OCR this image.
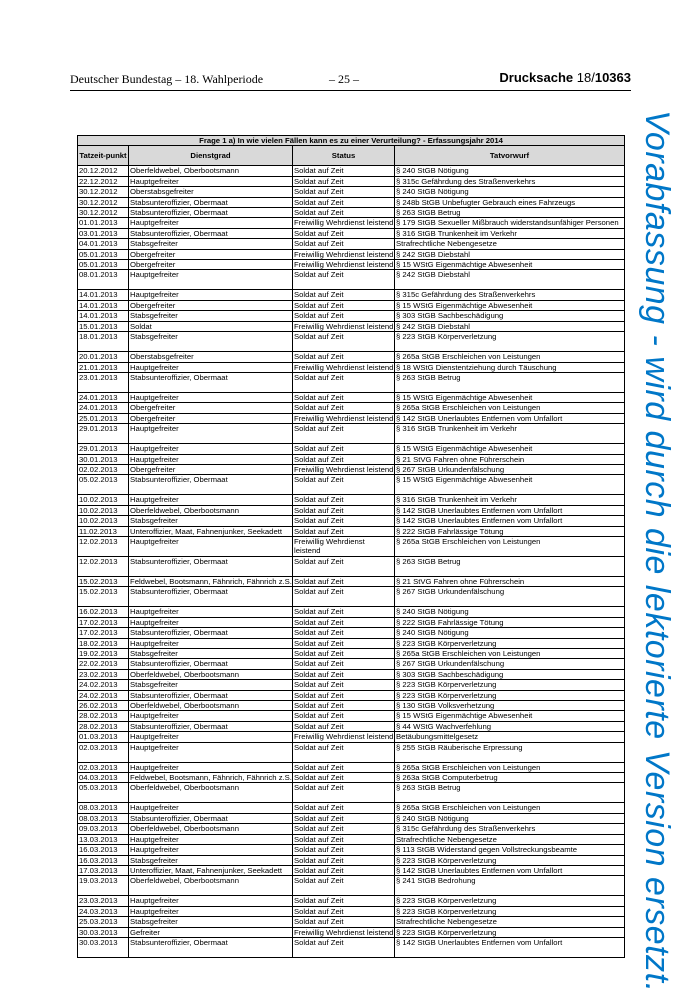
Deutscher Bundestag – 18. Wahlperiode	– 25 –	Drucksache 18/10363
Vorabfassung - wird durch die lektorierte Version ersetzt.
Frage 1 a) In wie vielen Fällen kann es zu einer Verurteilung? - Erfassungsjahr 2014			
Tatzeit-punkt	Dienstgrad	Status	Tatvorwurf
20.12.2012	Oberfeldwebel, Oberbootsmann	Soldat auf Zeit	§ 240 StGB Nötigung
22.12.2012	Hauptgefreiter	Soldat auf Zeit	§ 315c Gefährdung des Straßenverkehrs
30.12.2012	Oberstabsgefreiter	Soldat auf Zeit	§ 240 StGB Nötigung
30.12.2012	Stabsunteroffizier, Obermaat	Soldat auf Zeit	§ 248b StGB Unbefugter Gebrauch eines Fahrzeugs
30.12.2012	Stabsunteroffizier, Obermaat	Soldat auf Zeit	§ 263 StGB Betrug
01.01.2013	Hauptgefreiter	Freiwillig Wehrdienst leistend	§ 179 StGB Sexueller Mißbrauch widerstandsunfähiger Personen
03.01.2013	Stabsunteroffizier, Obermaat	Soldat auf Zeit	§ 316 StGB Trunkenheit im Verkehr
04.01.2013	Stabsgefreiter	Soldat auf Zeit	Strafrechtliche Nebengesetze
05.01.2013	Obergefreiter	Freiwillig Wehrdienst leistend	§ 242 StGB Diebstahl
05.01.2013	Obergefreiter	Freiwillig Wehrdienst leistend	§ 15 WStG Eigenmächtige Abwesenheit
08.01.2013	Hauptgefreiter	Soldat auf Zeit	§ 242 StGB Diebstahl
14.01.2013	Hauptgefreiter	Soldat auf Zeit	§ 315c Gefährdung des Straßenverkehrs
14.01.2013	Obergefreiter	Soldat auf Zeit	§ 15 WStG Eigenmächtige Abwesenheit
14.01.2013	Stabsgefreiter	Soldat auf Zeit	§ 303 StGB Sachbeschädigung
15.01.2013	Soldat	Freiwillig Wehrdienst leistend	§ 242 StGB Diebstahl
18.01.2013	Stabsgefreiter	Soldat auf Zeit	§ 223 StGB Körperverletzung
20.01.2013	Oberstabsgefreiter	Soldat auf Zeit	§ 265a StGB Erschleichen von Leistungen
21.01.2013	Hauptgefreiter	Freiwillig Wehrdienst leistend	§ 18 WStG Dienstentziehung durch Täuschung
23.01.2013	Stabsunteroffizier, Obermaat	Soldat auf Zeit	§ 263 StGB Betrug
24.01.2013	Hauptgefreiter	Soldat auf Zeit	§ 15 WStG Eigenmächtige Abwesenheit
24.01.2013	Obergefreiter	Soldat auf Zeit	§ 265a StGB Erschleichen von Leistungen
25.01.2013	Obergefreiter	Freiwillig Wehrdienst leistend	§ 142 StGB Unerlaubtes Entfernen vom Unfallort
29.01.2013	Hauptgefreiter	Soldat auf Zeit	§ 316 StGB Trunkenheit im Verkehr
29.01.2013	Hauptgefreiter	Soldat auf Zeit	§ 15 WStG Eigenmächtige Abwesenheit
30.01.2013	Hauptgefreiter	Soldat auf Zeit	§ 21 StVG Fahren ohne Führerschein
02.02.2013	Obergefreiter	Freiwillig Wehrdienst leistend	§ 267 StGB Urkundenfälschung
05.02.2013	Stabsunteroffizier, Obermaat	Soldat auf Zeit	§ 15 WStG Eigenmächtige Abwesenheit
10.02.2013	Hauptgefreiter	Soldat auf Zeit	§ 316 StGB Trunkenheit im Verkehr
10.02.2013	Oberfeldwebel, Oberbootsmann	Soldat auf Zeit	§ 142 StGB Unerlaubtes Entfernen vom Unfallort
10.02.2013	Stabsgefreiter	Soldat auf Zeit	§ 142 StGB Unerlaubtes Entfernen vom Unfallort
11.02.2013	Unteroffizier, Maat, Fahnenjunker, Seekadett	Soldat auf Zeit	§ 222 StGB Fahrlässige Tötung
12.02.2013	Hauptgefreiter	Freiwillig Wehrdienst leistend	§ 265a StGB Erschleichen von Leistungen
12.02.2013	Stabsunteroffizier, Obermaat	Soldat auf Zeit	§ 263 StGB Betrug
15.02.2013	Feldwebel, Bootsmann, Fähnrich, Fähnrich z.S.	Soldat auf Zeit	§ 21 StVG Fahren ohne Führerschein
15.02.2013	Stabsunteroffizier, Obermaat	Soldat auf Zeit	§ 267 StGB Urkundenfälschung
16.02.2013	Hauptgefreiter	Soldat auf Zeit	§ 240 StGB Nötigung
17.02.2013	Hauptgefreiter	Soldat auf Zeit	§ 222 StGB Fahrlässige Tötung
17.02.2013	Stabsunteroffizier, Obermaat	Soldat auf Zeit	§ 240 StGB Nötigung
18.02.2013	Hauptgefreiter	Soldat auf Zeit	§ 223 StGB Körperverletzung
19.02.2013	Stabsgefreiter	Soldat auf Zeit	§ 265a StGB Erschleichen von Leistungen
22.02.2013	Stabsunteroffizier, Obermaat	Soldat auf Zeit	§ 267 StGB Urkundenfälschung
23.02.2013	Oberfeldwebel, Oberbootsmann	Soldat auf Zeit	§ 303 StGB Sachbeschädigung
24.02.2013	Stabsgefreiter	Soldat auf Zeit	§ 223 StGB Körperverletzung
24.02.2013	Stabsunteroffizier, Obermaat	Soldat auf Zeit	§ 223 StGB Körperverletzung
26.02.2013	Oberfeldwebel, Oberbootsmann	Soldat auf Zeit	§ 130 StGB Volksverhetzung
28.02.2013	Hauptgefreiter	Soldat auf Zeit	§ 15 WStG Eigenmächtige Abwesenheit
28.02.2013	Stabsunteroffizier, Obermaat	Soldat auf Zeit	§ 44 WStG Wachverfehlung
01.03.2013	Hauptgefreiter	Freiwillig Wehrdienst leistend	Betäubungsmittelgesetz
02.03.2013	Hauptgefreiter	Soldat auf Zeit	§ 255 StGB Räuberische Erpressung
02.03.2013	Hauptgefreiter	Soldat auf Zeit	§ 265a StGB Erschleichen von Leistungen
04.03.2013	Feldwebel, Bootsmann, Fähnrich, Fähnrich z.S.	Soldat auf Zeit	§ 263a StGB Computerbetrug
05.03.2013	Oberfeldwebel, Oberbootsmann	Soldat auf Zeit	§ 263 StGB Betrug
08.03.2013	Hauptgefreiter	Soldat auf Zeit	§ 265a StGB Erschleichen von Leistungen
08.03.2013	Stabsunteroffizier, Obermaat	Soldat auf Zeit	§ 240 StGB Nötigung
09.03.2013	Oberfeldwebel, Oberbootsmann	Soldat auf Zeit	§ 315c Gefährdung des Straßenverkehrs
13.03.2013	Hauptgefreiter	Soldat auf Zeit	Strafrechtliche Nebengesetze
16.03.2013	Hauptgefreiter	Soldat auf Zeit	§ 113 StGB Widerstand gegen Vollstreckungsbeamte
16.03.2013	Stabsgefreiter	Soldat auf Zeit	§ 223 StGB Körperverletzung
17.03.2013	Unteroffizier, Maat, Fahnenjunker, Seekadett	Soldat auf Zeit	§ 142 StGB Unerlaubtes Entfernen vom Unfallort
19.03.2013	Oberfeldwebel, Oberbootsmann	Soldat auf Zeit	§ 241 StGB Bedrohung
23.03.2013	Hauptgefreiter	Soldat auf Zeit	§ 223 StGB Körperverletzung
24.03.2013	Hauptgefreiter	Soldat auf Zeit	§ 223 StGB Körperverletzung
25.03.2013	Stabsgefreiter	Soldat auf Zeit	Strafrechtliche Nebengesetze
30.03.2013	Gefreiter	Freiwillig Wehrdienst leistend	§ 223 StGB Körperverletzung
30.03.2013	Stabsunteroffizier, Obermaat	Soldat auf Zeit	§ 142 StGB Unerlaubtes Entfernen vom Unfallort
